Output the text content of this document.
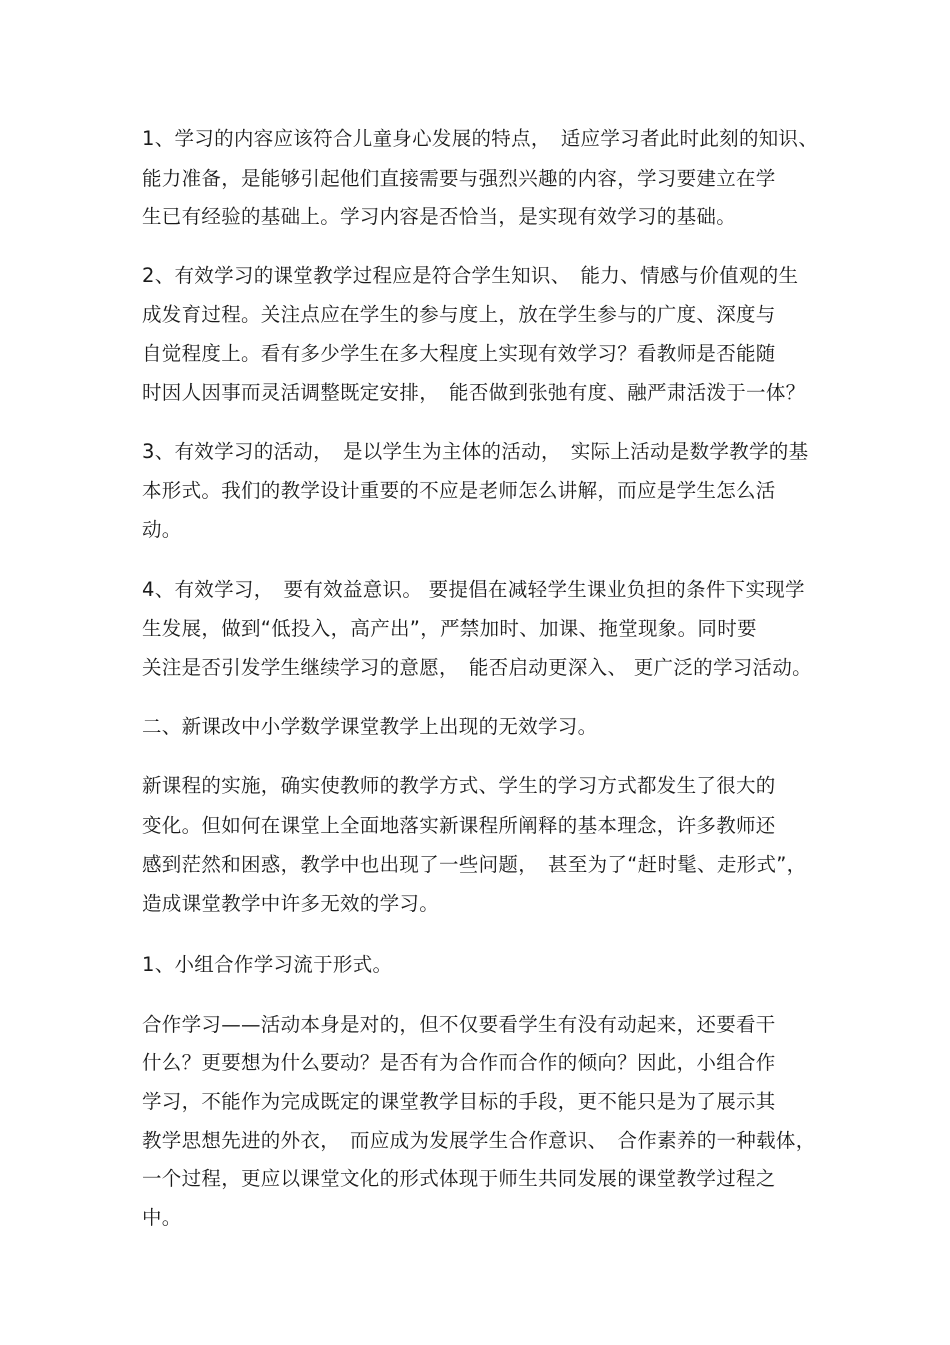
1、学习的内容应该符合儿童身心发展的特点，　适应学习者此时此刻的知识、
能力准备，是能够引起他们直接需要与强烈兴趣的内容，学习要建立在学
生已有经验的基础上。学习内容是否恰当，是实现有效学习的基础。
2、有效学习的课堂教学过程应是符合学生知识、　能力、情感与价值观的生
成发育过程。关注点应在学生的参与度上，放在学生参与的广度、深度与
自觉程度上。看有多少学生在多大程度上实现有效学习？看教师是否能随
时因人因事而灵活调整既定安排，　能否做到张弛有度、融严肃活泼于一体？
3、有效学习的活动，　是以学生为主体的活动，　实际上活动是数学教学的基
本形式。我们的教学设计重要的不应是老师怎么讲解，而应是学生怎么活
动。
4、有效学习，　要有效益意识。 要提倡在减轻学生课业负担的条件下实现学
生发展，做到“低投入，高产出”，严禁加时、加课、拖堂现象。同时要
关注是否引发学生继续学习的意愿，　能否启动更深入、 更广泛的学习活动。
二、新课改中小学数学课堂教学上出现的无效学习。
新课程的实施，确实使教师的教学方式、学生的学习方式都发生了很大的
变化。但如何在课堂上全面地落实新课程所阐释的基本理念，许多教师还
感到茫然和困惑，教学中也出现了一些问题，　甚至为了“赶时髦、走形式”，
造成课堂教学中许多无效的学习。
1、小组合作学习流于形式。
合作学习——活动本身是对的，但不仅要看学生有没有动起来，还要看干
什么？更要想为什么要动？是否有为合作而合作的倾向？因此，小组合作
学习，不能作为完成既定的课堂教学目标的手段，更不能只是为了展示其
教学思想先进的外衣，　而应成为发展学生合作意识、　合作素养的一种载体，
一个过程，更应以课堂文化的形式体现于师生共同发展的课堂教学过程之
中。
